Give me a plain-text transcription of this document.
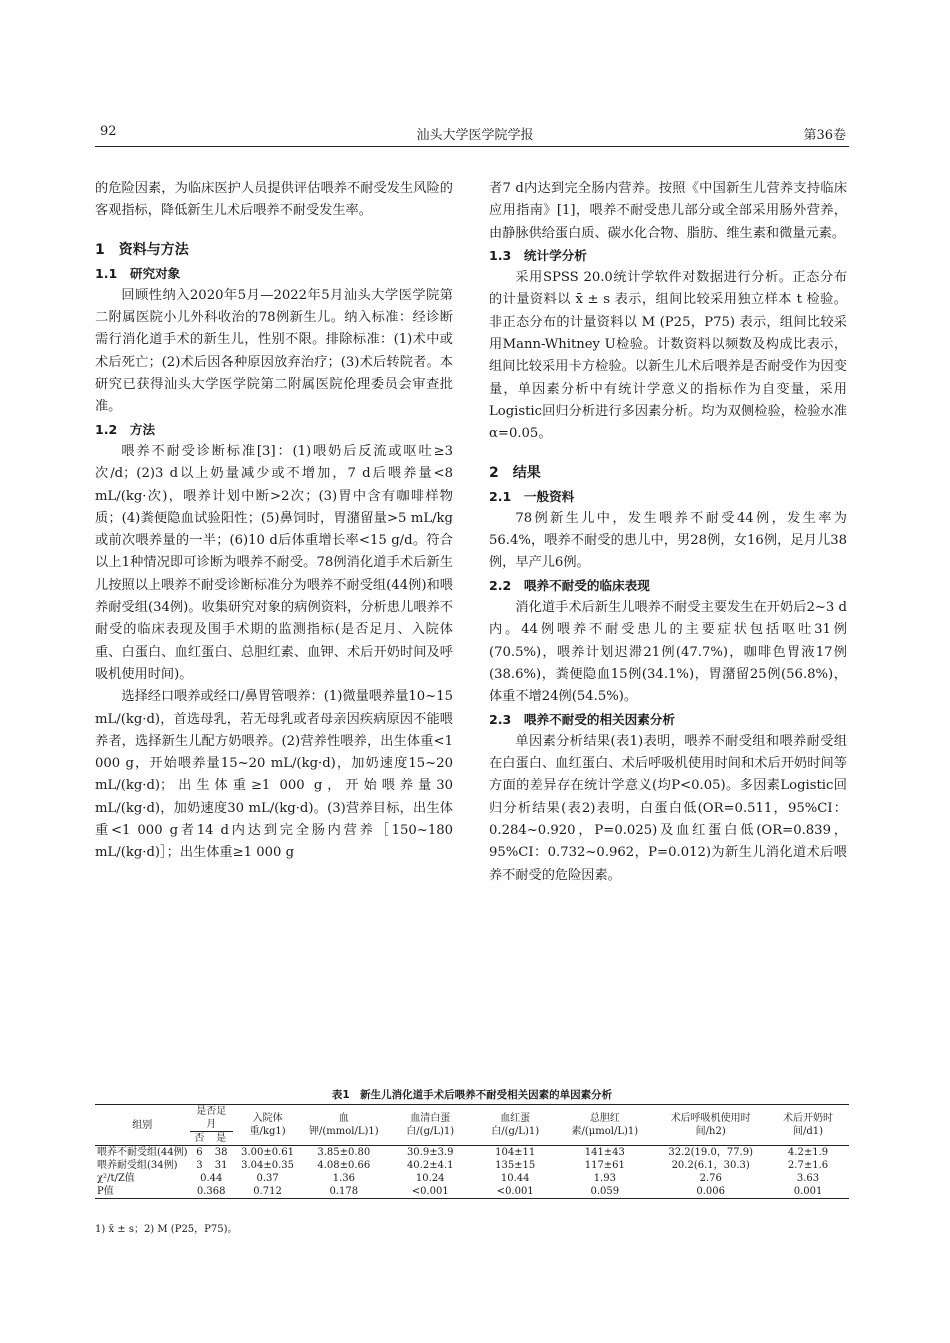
92	汕头大学医学院学报	第36卷

的危险因素，为临床医护人员提供评估喂养不耐受发生风险的客观指标，降低新生儿术后喂养不耐受发生率。

1　资料与方法

1.1　研究对象

回顾性纳入2020年5月—2022年5月汕头大学医学院第二附属医院小儿外科收治的78例新生儿。纳入标准：经诊断需行消化道手术的新生儿，性别不限。排除标准：(1)术中或术后死亡；(2)术后因各种原因放弃治疗；(3)术后转院者。本研究已获得汕头大学医学院第二附属医院伦理委员会审查批准。

1.2　方法

喂养不耐受诊断标准[3]：(1)喂奶后反流或呕吐≥3次/d；(2)3 d以上奶量减少或不增加，7 d后喂养量<8 mL/(kg·次)，喂养计划中断>2次；(3)胃中含有咖啡样物质；(4)粪便隐血试验阳性；(5)鼻饲时，胃潴留量>5 mL/kg或前次喂养量的一半；(6)10 d后体重增长率<15 g/d。符合以上1种情况即可诊断为喂养不耐受。78例消化道手术后新生儿按照以上喂养不耐受诊断标准分为喂养不耐受组(44例)和喂养耐受组(34例)。收集研究对象的病例资料，分析患儿喂养不耐受的临床表现及围手术期的监测指标(是否足月、入院体重、白蛋白、血红蛋白、总胆红素、血钾、术后开奶时间及呼吸机使用时间)。

选择经口喂养或经口/鼻胃管喂养：(1)微量喂养量10~15 mL/(kg·d)，首选母乳，若无母乳或者母亲因疾病原因不能喂养者，选择新生儿配方奶喂养。(2)营养性喂养，出生体重<1 000 g，开始喂养量15~20 mL/(kg·d)，加奶速度15~20 mL/(kg·d)；出生体重≥1 000 g，开始喂养量30 mL/(kg·d)，加奶速度30 mL/(kg·d)。(3)营养目标，出生体重<1 000 g者14 d内达到完全肠内营养［150~180 mL/(kg·d)］；出生体重≥1 000 g

者7 d内达到完全肠内营养。按照《中国新生儿营养支持临床应用指南》[1]，喂养不耐受患儿部分或全部采用肠外营养，由静脉供给蛋白质、碳水化合物、脂肪、维生素和微量元素。

1.3　统计学分析

采用SPSS 20.0统计学软件对数据进行分析。正态分布的计量资料以 x̄ ± s 表示，组间比较采用独立样本 t 检验。非正态分布的计量资料以 M (P25，P75) 表示，组间比较采用Mann-Whitney U检验。计数资料以频数及构成比表示，组间比较采用卡方检验。以新生儿术后喂养是否耐受作为因变量，单因素分析中有统计学意义的指标作为自变量，采用Logistic回归分析进行多因素分析。均为双侧检验，检验水准α=0.05。

2　结果

2.1　一般资料

78例新生儿中，发生喂养不耐受44例，发生率为56.4%，喂养不耐受的患儿中，男28例，女16例，足月儿38例，早产儿6例。

2.2　喂养不耐受的临床表现

消化道手术后新生儿喂养不耐受主要发生在开奶后2~3 d内。44例喂养不耐受患儿的主要症状包括呕吐31例(70.5%)，喂养计划迟滞21例(47.7%)，咖啡色胃液17例(38.6%)，粪便隐血15例(34.1%)，胃潴留25例(56.8%)，体重不增24例(54.5%)。

2.3　喂养不耐受的相关因素分析

单因素分析结果(表1)表明，喂养不耐受组和喂养耐受组在白蛋白、血红蛋白、术后呼吸机使用时间和术后开奶时间等方面的差异存在统计学意义(均P<0.05)。多因素Logistic回归分析结果(表2)表明，白蛋白低(OR=0.511，95%CI：0.284~0.920，P=0.025)及血红蛋白低(OR=0.839，95%CI：0.732~0.962，P=0.012)为新生儿消化道术后喂养不耐受的危险因素。

表1　新生儿消化道手术后喂养不耐受相关因素的单因素分析
组别	是否足月		入院体重/kg1)	血钾/(mmol/L)1)	血清白蛋白/(g/L)1)	血红蛋白/(g/L)1)	总胆红素/(μmol/L)1)	术后呼吸机使用时间/h2)	术后开奶时间/d1)
	否	是							
喂养不耐受组(44例)	6	38	3.00±0.61	3.85±0.80	30.9±3.9	104±11	141±43	32.2(19.0，77.9)	4.2±1.9
喂养耐受组(34例)	3	31	3.04±0.35	4.08±0.66	40.2±4.1	135±15	117±61	20.2(6.1，30.3)	2.7±1.6
χ²/t/Z值	0.44		0.37	1.36	10.24	10.44	1.93	2.76	3.63
P值	0.368		0.712	0.178	<0.001	<0.001	0.059	0.006	0.001
1) x̄ ± s；2) M (P25，P75)。
